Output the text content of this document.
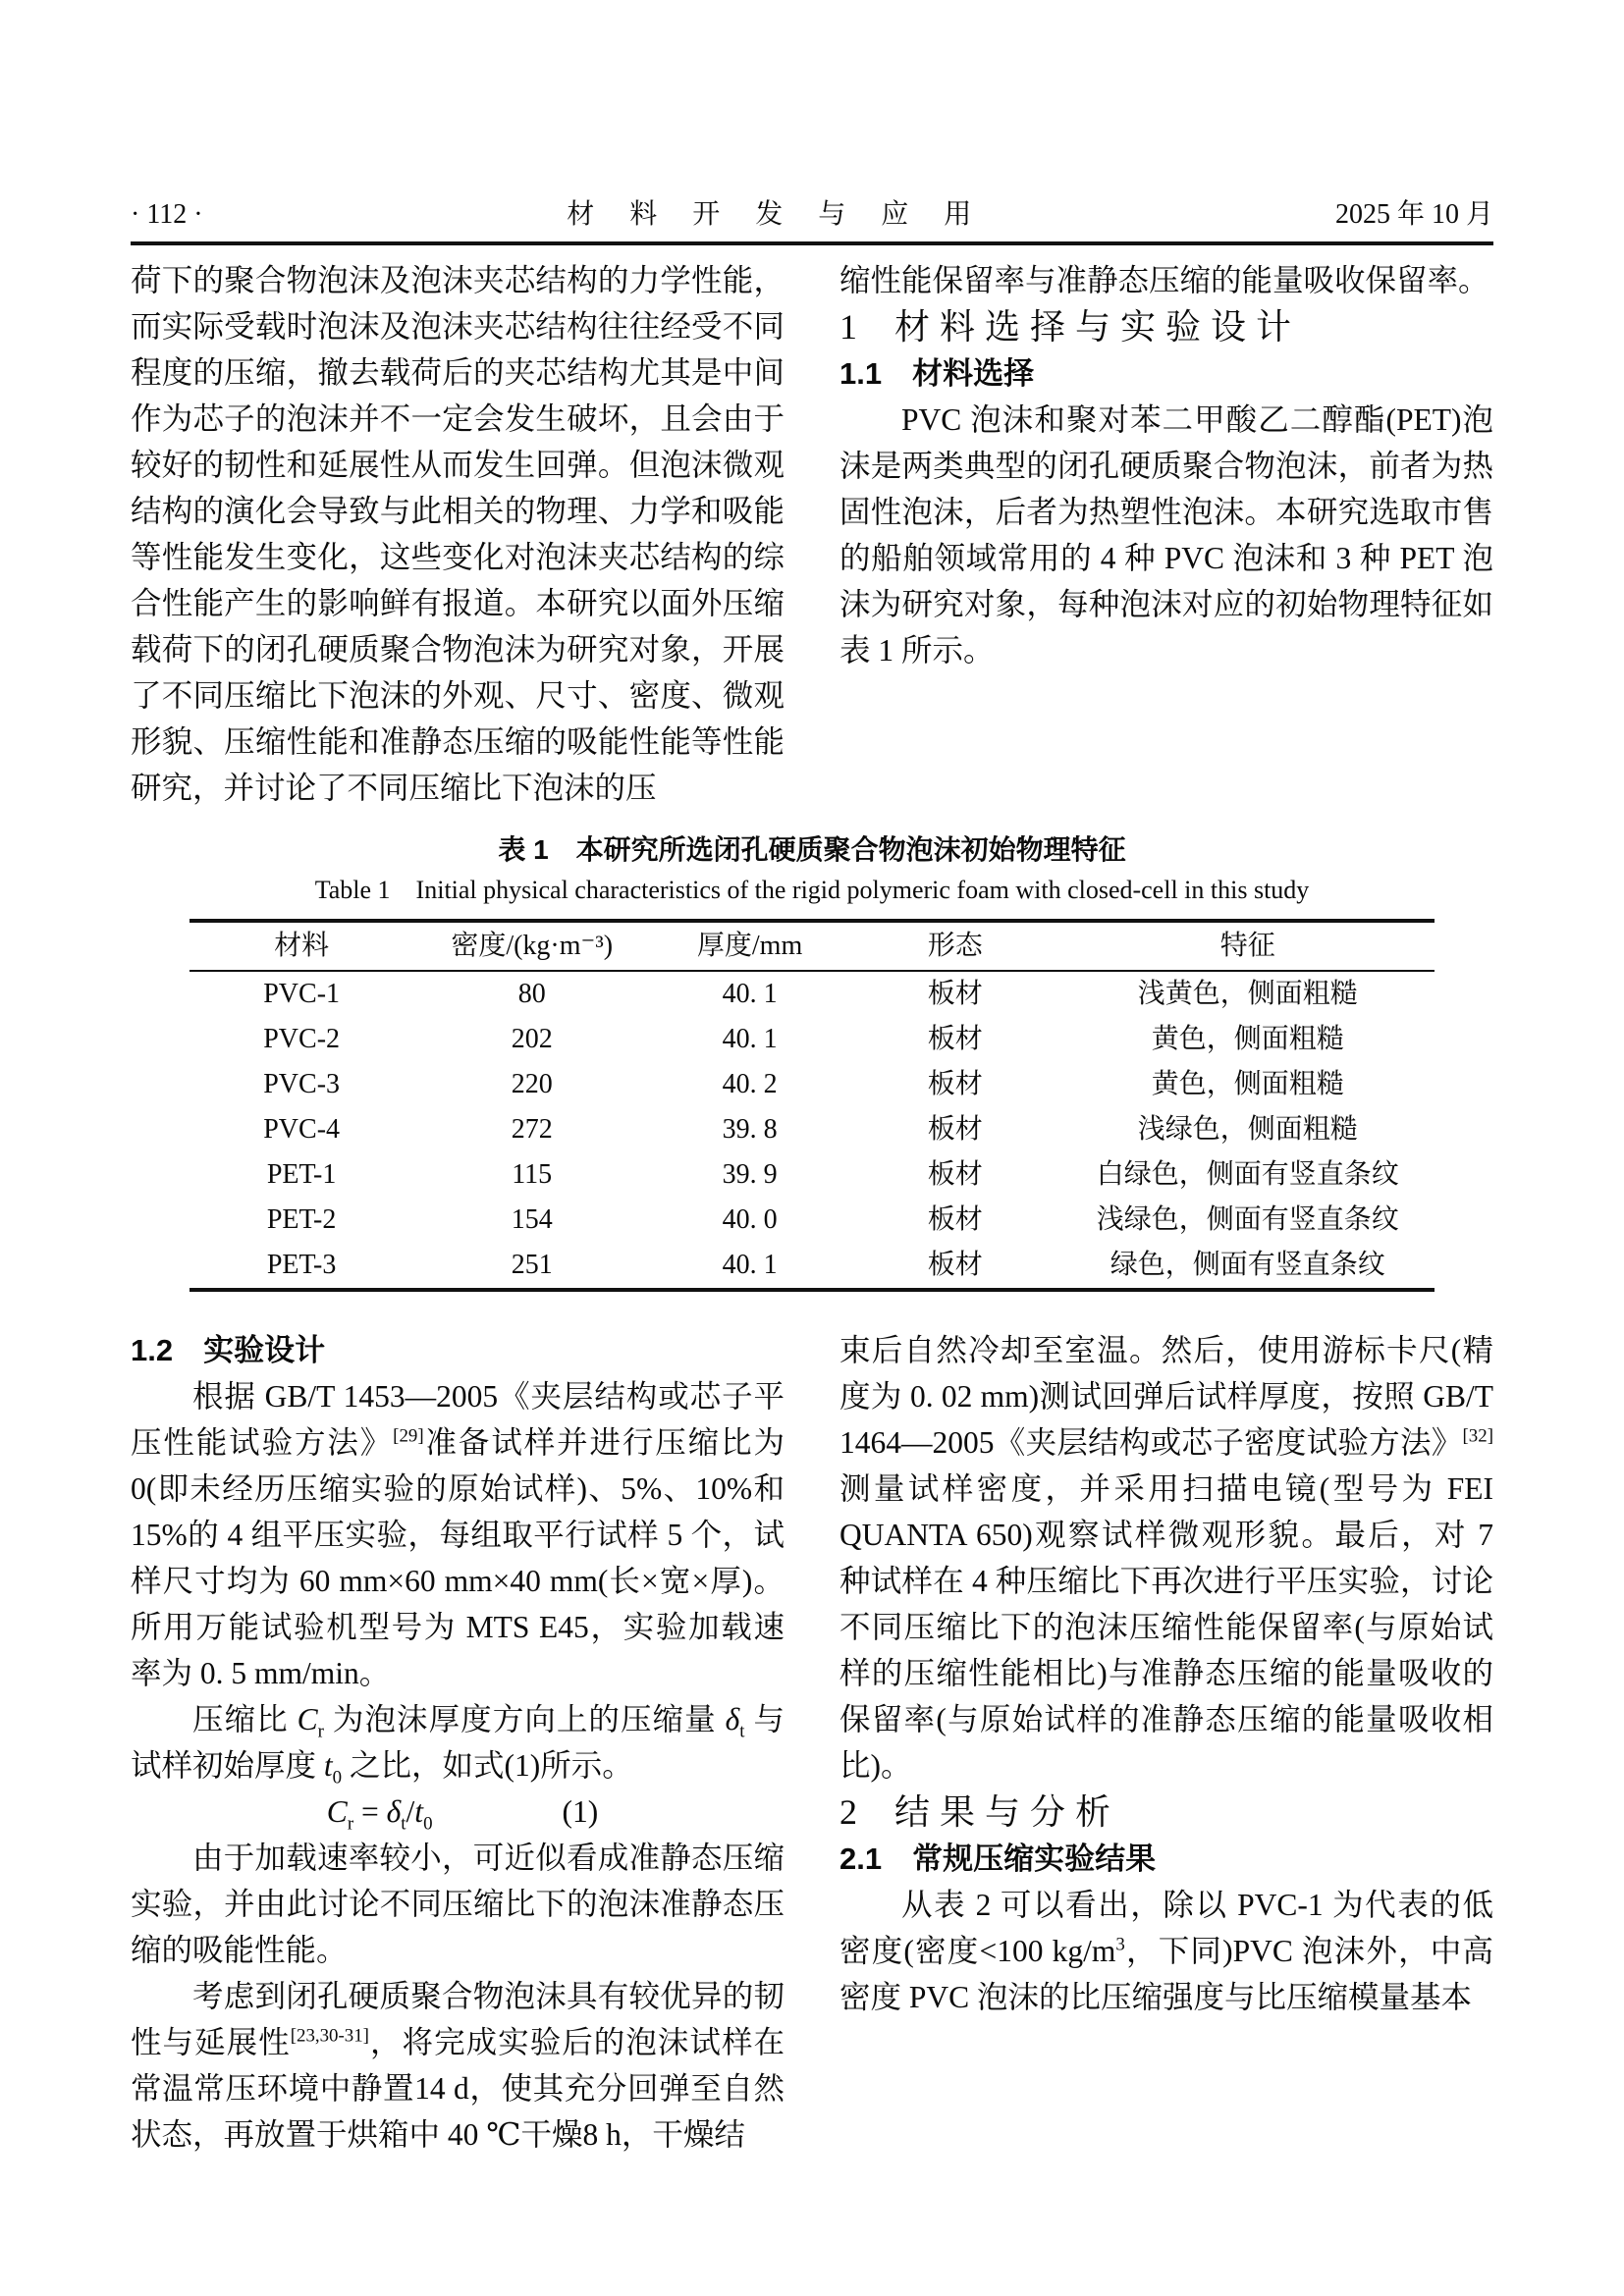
· 112 ·	材料开发与应用	2025 年 10 月

荷下的聚合物泡沫及泡沫夹芯结构的力学性能，而实际受载时泡沫及泡沫夹芯结构往往经受不同程度的压缩，撤去载荷后的夹芯结构尤其是中间作为芯子的泡沫并不一定会发生破坏，且会由于较好的韧性和延展性从而发生回弹。但泡沫微观结构的演化会导致与此相关的物理、力学和吸能等性能发生变化，这些变化对泡沫夹芯结构的综合性能产生的影响鲜有报道。本研究以面外压缩载荷下的闭孔硬质聚合物泡沫为研究对象，开展了不同压缩比下泡沫的外观、尺寸、密度、微观形貌、压缩性能和准静态压缩的吸能性能等性能研究，并讨论了不同压缩比下泡沫的压

缩性能保留率与准静态压缩的能量吸收保留率。

1 材料选择与实验设计
1.1　材料选择

PVC 泡沫和聚对苯二甲酸乙二醇酯(PET)泡沫是两类典型的闭孔硬质聚合物泡沫，前者为热固性泡沫，后者为热塑性泡沫。本研究选取市售的船舶领域常用的 4 种 PVC 泡沫和 3 种 PET 泡沫为研究对象，每种泡沫对应的初始物理特征如表 1 所示。

表 1　本研究所选闭孔硬质聚合物泡沫初始物理特征
Table 1　Initial physical characteristics of the rigid polymeric foam with closed-cell in this study
材料	密度/(kg·m⁻³)	厚度/mm	形态	特征
PVC-1	80	40. 1	板材	浅黄色，侧面粗糙
PVC-2	202	40. 1	板材	黄色，侧面粗糙
PVC-3	220	40. 2	板材	黄色，侧面粗糙
PVC-4	272	39. 8	板材	浅绿色，侧面粗糙
PET-1	115	39. 9	板材	白绿色，侧面有竖直条纹
PET-2	154	40. 0	板材	浅绿色，侧面有竖直条纹
PET-3	251	40. 1	板材	绿色，侧面有竖直条纹
1.2　实验设计

根据 GB/T 1453—2005《夹层结构或芯子平压性能试验方法》[29]准备试样并进行压缩比为 0(即未经历压缩实验的原始试样)、5%、10%和15%的 4 组平压实验，每组取平行试样 5 个，试样尺寸均为 60 mm×60 mm×40 mm(长×宽×厚)。所用万能试验机型号为 MTS E45，实验加载速率为 0. 5 mm/min。

压缩比 $C_r$ 为泡沫厚度方向上的压缩量 $\delta_t$ 与试样初始厚度 $t_0$ 之比，如式(1)所示。

$C_r = \delta_t/t_0$	(1)

由于加载速率较小，可近似看成准静态压缩实验，并由此讨论不同压缩比下的泡沫准静态压缩的吸能性能。

考虑到闭孔硬质聚合物泡沫具有较优异的韧性与延展性[23,30-31]，将完成实验后的泡沫试样在常温常压环境中静置14 d，使其充分回弹至自然状态，再放置于烘箱中 40 ℃干燥8 h，干燥结

束后自然冷却至室温。然后，使用游标卡尺(精度为 0. 02 mm)测试回弹后试样厚度，按照 GB/T 1464—2005《夹层结构或芯子密度试验方法》[32]测量试样密度，并采用扫描电镜(型号为 FEI QUANTA 650)观察试样微观形貌。最后，对 7 种试样在 4 种压缩比下再次进行平压实验，讨论不同压缩比下的泡沫压缩性能保留率(与原始试样的压缩性能相比)与准静态压缩的能量吸收的保留率(与原始试样的准静态压缩的能量吸收相比)。

2 结果与分析
2.1　常规压缩实验结果

从表 2 可以看出，除以 PVC-1 为代表的低密度(密度<100 $kg/m^3$，下同)PVC 泡沫外，中高密度 PVC 泡沫的比压缩强度与比压缩模量基本
